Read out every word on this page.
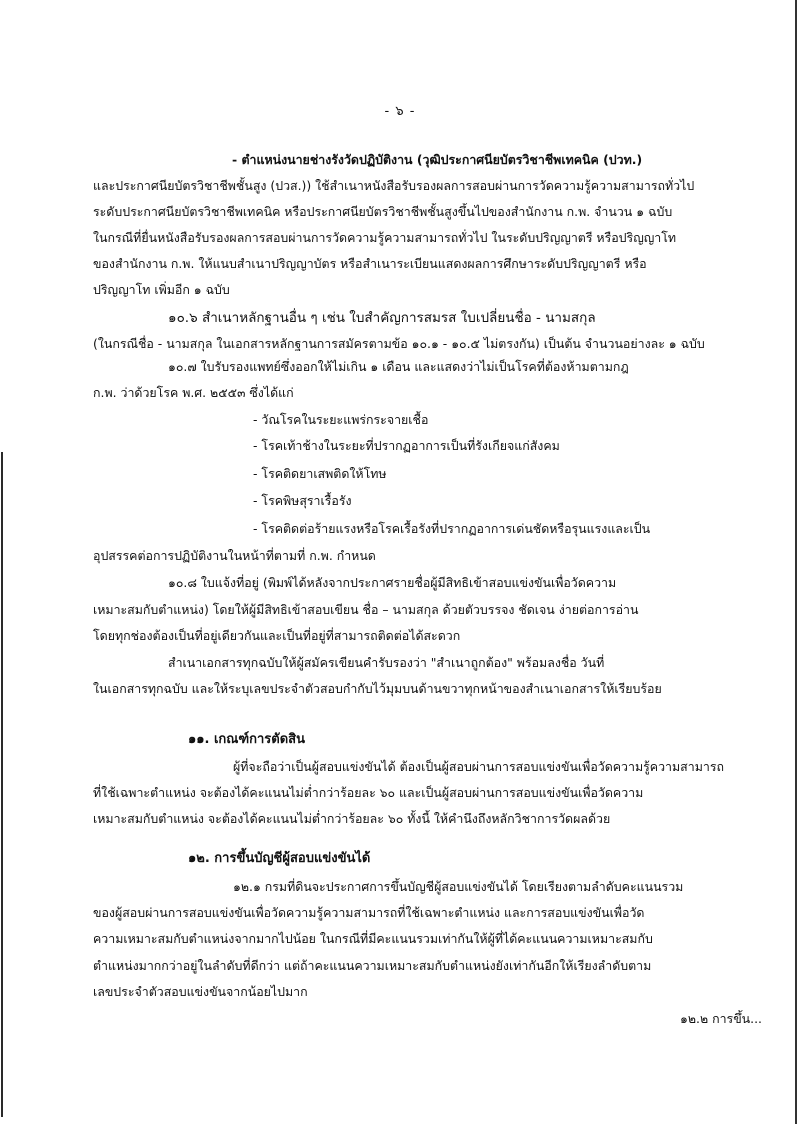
- ๖ -
- ตำแหน่งนายช่างรังวัดปฏิบัติงาน (วุฒิประกาศนียบัตรวิชาชีพเทคนิค (ปวท.)
และประกาศนียบัตรวิชาชีพชั้นสูง (ปวส.)) ใช้สำเนาหนังสือรับรองผลการสอบผ่านการวัดความรู้ความสามารถทั่วไป
ระดับประกาศนียบัตรวิชาชีพเทคนิค หรือประกาศนียบัตรวิชาชีพชั้นสูงขึ้นไปของสำนักงาน ก.พ. จำนวน ๑ ฉบับ
ในกรณีที่ยื่นหนังสือรับรองผลการสอบผ่านการวัดความรู้ความสามารถทั่วไป ในระดับปริญญาตรี หรือปริญญาโท
ของสำนักงาน ก.พ. ให้แนบสำเนาปริญญาบัตร หรือสำเนาระเบียนแสดงผลการศึกษาระดับปริญญาตรี หรือ
ปริญญาโท เพิ่มอีก ๑ ฉบับ
๑๐.๖ สำเนาหลักฐานอื่น ๆ เช่น ใบสำคัญการสมรส ใบเปลี่ยนชื่อ - นามสกุล
(ในกรณีชื่อ - นามสกุล ในเอกสารหลักฐานการสมัครตามข้อ ๑๐.๑ - ๑๐.๕ ไม่ตรงกัน) เป็นต้น จำนวนอย่างละ ๑ ฉบับ
๑๐.๗ ใบรับรองแพทย์ซึ่งออกให้ไม่เกิน ๑ เดือน และแสดงว่าไม่เป็นโรคที่ต้องห้ามตามกฎ
ก.พ. ว่าด้วยโรค พ.ศ. ๒๕๕๓ ซึ่งได้แก่
- วัณโรคในระยะแพร่กระจายเชื้อ
- โรคเท้าช้างในระยะที่ปรากฏอาการเป็นที่รังเกียจแก่สังคม
- โรคติดยาเสพติดให้โทษ
- โรคพิษสุราเรื้อรัง
- โรคติดต่อร้ายแรงหรือโรคเรื้อรังที่ปรากฏอาการเด่นชัดหรือรุนแรงและเป็น
อุปสรรคต่อการปฏิบัติงานในหน้าที่ตามที่ ก.พ. กำหนด
๑๐.๘ ใบแจ้งที่อยู่ (พิมพ์ได้หลังจากประกาศรายชื่อผู้มีสิทธิเข้าสอบแข่งขันเพื่อวัดความ
เหมาะสมกับตำแหน่ง) โดยให้ผู้มีสิทธิเข้าสอบเขียน ชื่อ – นามสกุล ด้วยตัวบรรจง ชัดเจน ง่ายต่อการอ่าน
โดยทุกช่องต้องเป็นที่อยู่เดียวกันและเป็นที่อยู่ที่สามารถติดต่อได้สะดวก
สำเนาเอกสารทุกฉบับให้ผู้สมัครเขียนคำรับรองว่า "สำเนาถูกต้อง" พร้อมลงชื่อ วันที่
ในเอกสารทุกฉบับ และให้ระบุเลขประจำตัวสอบกำกับไว้มุมบนด้านขวาทุกหน้าของสำเนาเอกสารให้เรียบร้อย
๑๑. เกณฑ์การตัดสิน
ผู้ที่จะถือว่าเป็นผู้สอบแข่งขันได้ ต้องเป็นผู้สอบผ่านการสอบแข่งขันเพื่อวัดความรู้ความสามารถ
ที่ใช้เฉพาะตำแหน่ง จะต้องได้คะแนนไม่ต่ำกว่าร้อยละ ๖๐ และเป็นผู้สอบผ่านการสอบแข่งขันเพื่อวัดความ
เหมาะสมกับตำแหน่ง จะต้องได้คะแนนไม่ต่ำกว่าร้อยละ ๖๐ ทั้งนี้ ให้คำนึงถึงหลักวิชาการวัดผลด้วย
๑๒. การขึ้นบัญชีผู้สอบแข่งขันได้
๑๒.๑ กรมที่ดินจะประกาศการขึ้นบัญชีผู้สอบแข่งขันได้ โดยเรียงตามลำดับคะแนนรวม
ของผู้สอบผ่านการสอบแข่งขันเพื่อวัดความรู้ความสามารถที่ใช้เฉพาะตำแหน่ง และการสอบแข่งขันเพื่อวัด
ความเหมาะสมกับตำแหน่งจากมากไปน้อย ในกรณีที่มีคะแนนรวมเท่ากันให้ผู้ที่ได้คะแนนความเหมาะสมกับ
ตำแหน่งมากกว่าอยู่ในลำดับที่ดีกว่า แต่ถ้าคะแนนความเหมาะสมกับตำแหน่งยังเท่ากันอีกให้เรียงลำดับตาม
เลขประจำตัวสอบแข่งขันจากน้อยไปมาก
๑๒.๒ การขึ้น...
